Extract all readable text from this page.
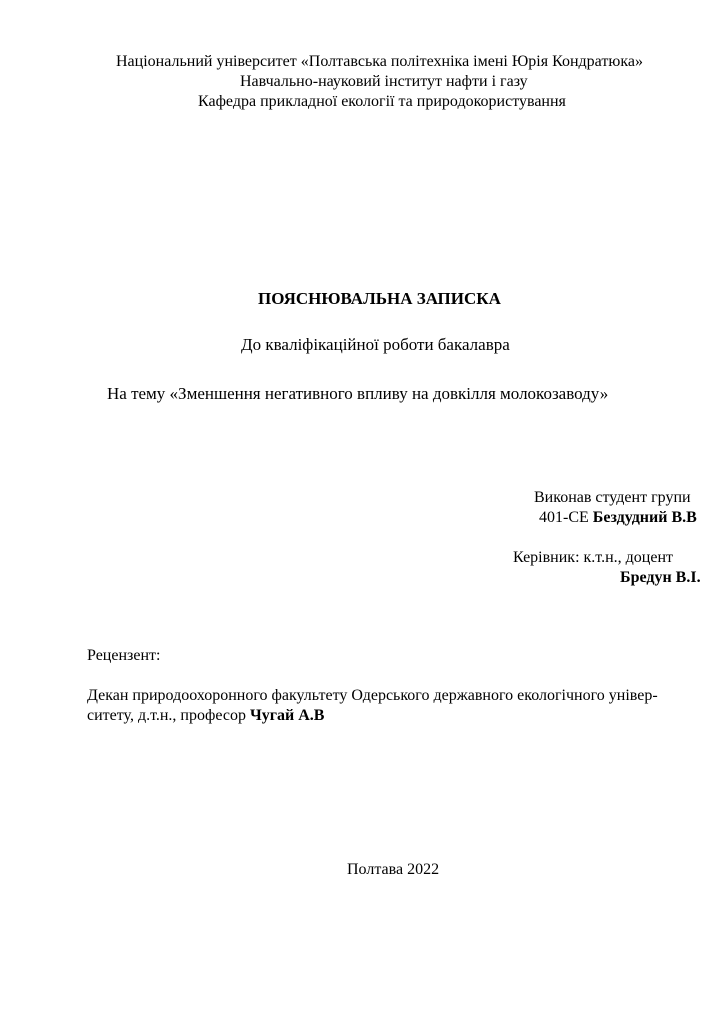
Національний університет «Полтавська політехніка імені Юрія Кондратюка»
Навчально-науковий інститут нафти і газу
Кафедра прикладної екології та природокористування
ПОЯСНЮВАЛЬНА ЗАПИСКА
До кваліфікаційної роботи бакалавра
На тему «Зменшення негативного впливу на довкілля молокозаводу»
Виконав студент групи
401-СЕ Бездудний В.В
Керівник: к.т.н., доцент
Бредун В.І.
Рецензент:
Декан природоохоронного факультету Одерського державного екологічного універ-
ситету, д.т.н., професор Чугай А.В
Полтава 2022
